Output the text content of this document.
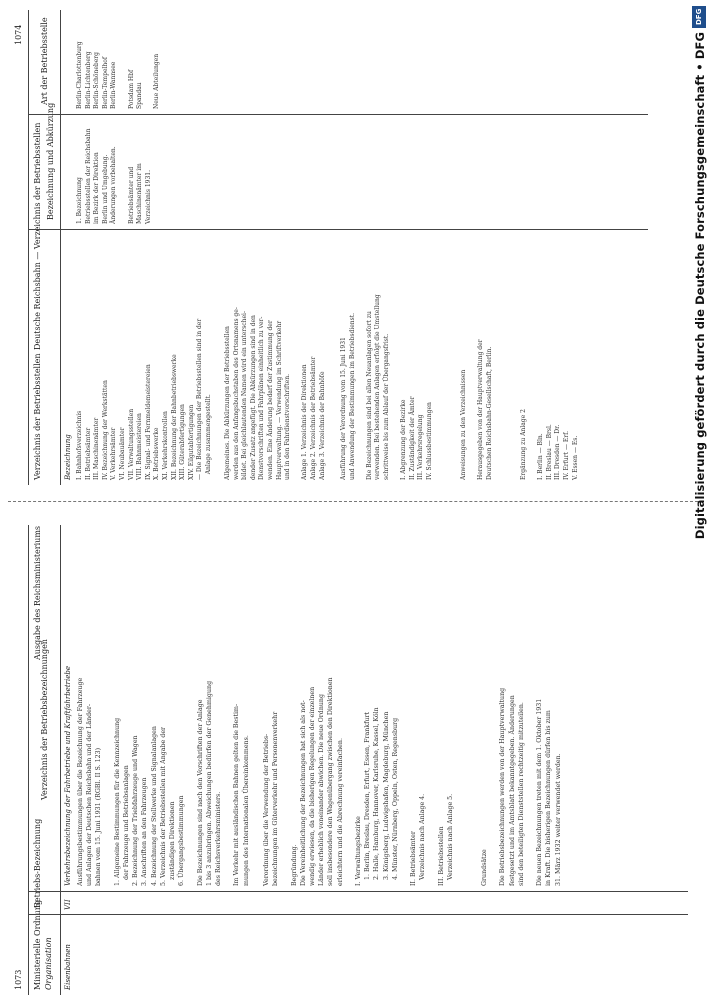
1073
1074
Ministerielle Ordnung Organisation
Betriebs-Bezeichnung
Verzeichnis der Betriebsbezeichnungen
Ausgabe des Reichsministeriums
Eisenbahnen
VII
Verkehrsbezeichnung der Fahrbetriebe und Kraftfahrbetriebe Ausführungsbestimmungen über die Bezeichnung der Fahrzeuge
und Anlagen der Deutschen Reichsbahn und der Länder-
bahnen vom 15. Juni 1931 (RGBl. II S. 123)

1. Allgemeine Bestimmungen für die Kennzeichnung
der Fahrzeuge und Betriebsanlagen
2. Bezeichnung der Triebfahrzeuge und Wagen
3. Anschriften an den Fahrzeugen
4. Bezeichnung der Stellwerke und Signalanlagen
5. Verzeichnis der Betriebsstellen mit Angabe der
zuständigen Direktionen
6. Übergangsbestimmungen

Die Bezeichnungen sind nach den Vorschriften der Anlage
1 bis 3 anzubringen. Abweichungen bedürfen der Genehmigung
des Reichsverkehrsministers.

Im Verkehr mit ausländischen Bahnen gelten die Bestim-
mungen des Internationalen Übereinkommens.
Verordnung über die Verwendung der Betriebs-
bezeichnungen im Güterverkehr und Personenverkehr

Begründung.
Die Vereinheitlichung der Bezeichnungen hat sich als not-
wendig erwiesen, da die bisherigen Regelungen der einzelnen
Länder erheblich voneinander abwichen. Die neue Ordnung
soll insbesondere den Wagenübergang zwischen den Direktionen
erleichtern und die Abrechnung vereinfachen.

I. Verwaltungsbezirke
1. Berlin, Breslau, Dresden, Erfurt, Essen, Frankfurt
2. Halle, Hamburg, Hannover, Karlsruhe, Kassel, Köln
3. Königsberg, Ludwigshafen, Magdeburg, München
4. Münster, Nürnberg, Oppeln, Osten, Regensburg

II. Betriebsämter
Verzeichnis nach Anlage 4.

III. Betriebsstellen
Verzeichnis nach Anlage 5.
Grundsätze

Die Betriebsbezeichnungen werden von der Hauptverwaltung
festgesetzt und im Amtsblatt bekanntgegeben. Änderungen
sind den beteiligten Dienststellen rechtzeitig mitzuteilen.

Die neuen Bezeichnungen treten mit dem 1. Oktober 1931
in Kraft. Die bisherigen Bezeichnungen dürfen bis zum
31. März 1932 weiter verwendet werden.
Verzeichnis der Betriebsstellen
Deutsche Reichsbahn — Verzeichnis der Betriebsstellen Bezeichnung und Abkürzung
Art der Betriebsstelle
Bezeichnung I. Bahnhofsverzeichnis
II. Betriebsämter
III. Maschinenämter
IV. Bezeichnung der Werkstätten
V. Verkehrsämter
VI. Neubauämter
VII. Verwaltungsstellen
VIII. Bahnmeistereien
IX. Signal- und Fernmeldemeistereien
X. Betriebswerke
XI. Verkehrskontrollen
XII. Bezeichnung der Bahnbetriebswerke
XIII. Güterabfertigungen
XIV. Eilgutabfertigungen
— Die Bezeichnungen der Betriebsstellen sind in der
Anlage zusammengestellt.
Allgemeines. Die Abkürzungen der Betriebsstellen
werden aus den Anfangsbuchstaben des Ortsnamens ge-
bildet. Bei gleichlautenden Namen wird ein unterschei-
dender Zusatz angefügt. Die Abkürzungen sind in den
Dienstvorschriften und Fahrplänen einheitlich zu ver-
wenden. Eine Änderung bedarf der Zustimmung der
Hauptverwaltung. — Verwendung im Schriftverkehr
und in den Fahrdienstvorschriften.

Anlage 1. Verzeichnis der Direktionen
Anlage 2. Verzeichnis der Betriebsämter
Anlage 3. Verzeichnis der Bahnhöfe
Ausführung der Verordnung vom 15. Juni 1931
und Anwendung der Bestimmungen im Betriebsdienst.

Die Bezeichnungen sind bei allen Neuanlagen sofort zu
verwenden. Bei bestehenden Anlagen erfolgt die Umstellung
schrittweise bis zum Ablauf der Übergangsfrist.

I. Abgrenzung der Bezirke
II. Zuständigkeit der Ämter
III. Verkehrsregelung
IV. Schlussbestimmungen	Anweisungen zu den Verzeichnissen

Herausgegeben von der Hauptverwaltung der
Deutschen Reichsbahn-Gesellschaft, Berlin.
Ergänzung zu Anlage 2

I. Berlin — Bln.
II. Breslau — Brsl.
III. Dresden — Dr.
IV. Erfurt — Erf.
V. Essen — Es.
1. Bezeichnung
Betriebsstellen der Reichsbahn
im Bezirk der Direktion
Berlin und Umgebung.
Änderungen vorbehalten.

Betriebsämter und
Maschinenämter im
Verzeichnis 1931.
Berlin-Charlottenburg
Berlin-Lichtenberg
Berlin-Schöneberg
Berlin-Tempelhof
Berlin-Wannsee

Potsdam Hbf
Spandau

Neue Abteilungen
DFG
Digitalisierung gefördert durch die Deutsche Forschungsgemeinschaft • DFG
